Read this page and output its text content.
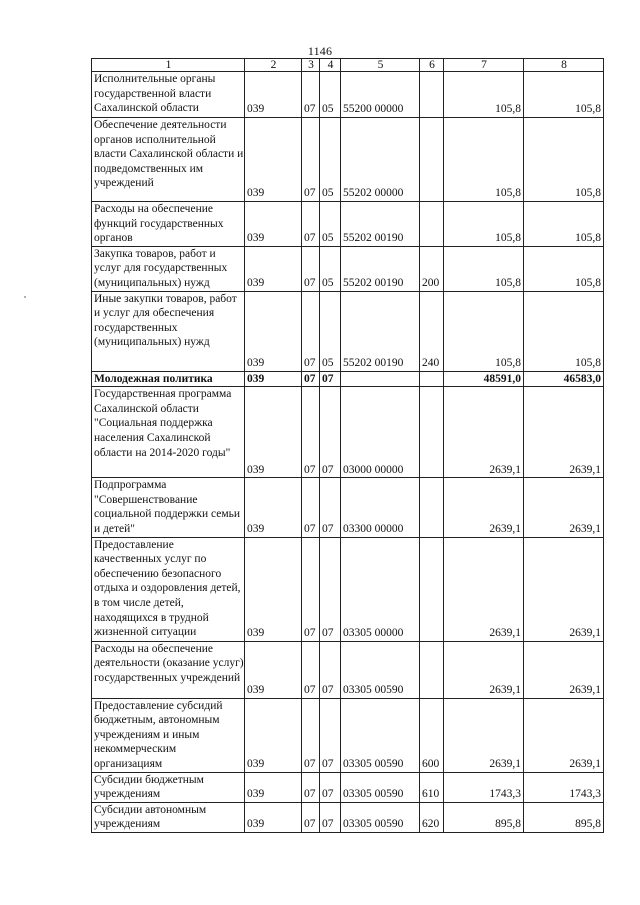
1146
1	2	3	4	5	6	7	8
Исполнительные органы государственной власти Сахалинской области	039	07	05	55200 00000		105,8	105,8
Обеспечение деятельности органов исполнительной власти Сахалинской области и подведомственных им учреждений	039	07	05	55202 00000		105,8	105,8
Расходы на обеспечение функций государственных органов	039	07	05	55202 00190		105,8	105,8
Закупка товаров, работ и услуг для государственных (муниципальных) нужд	039	07	05	55202 00190	200	105,8	105,8
Иные закупки товаров, работ и услуг для обеспечения государственных (муниципальных) нужд	039	07	05	55202 00190	240	105,8	105,8
Молодежная политика	039	07	07			48591,0	46583,0
Государственная программа Сахалинской области "Социальная поддержка населения Сахалинской области на 2014-2020 годы"	039	07	07	03000 00000		2639,1	2639,1
Подпрограмма "Совершенствование социальной поддержки семьи и детей"	039	07	07	03300 00000		2639,1	2639,1
Предоставление качественных услуг по обеспечению безопасного отдыха и оздоровления детей, в том числе детей, находящихся в трудной жизненной ситуации	039	07	07	03305 00000		2639,1	2639,1
Расходы на обеспечение деятельности (оказание услуг) государственных учреждений	039	07	07	03305 00590		2639,1	2639,1
Предоставление субсидий бюджетным, автономным учреждениям и иным некоммерческим организациям	039	07	07	03305 00590	600	2639,1	2639,1
Субсидии бюджетным учреждениям	039	07	07	03305 00590	610	1743,3	1743,3
Субсидии автономным учреждениям	039	07	07	03305 00590	620	895,8	895,8
